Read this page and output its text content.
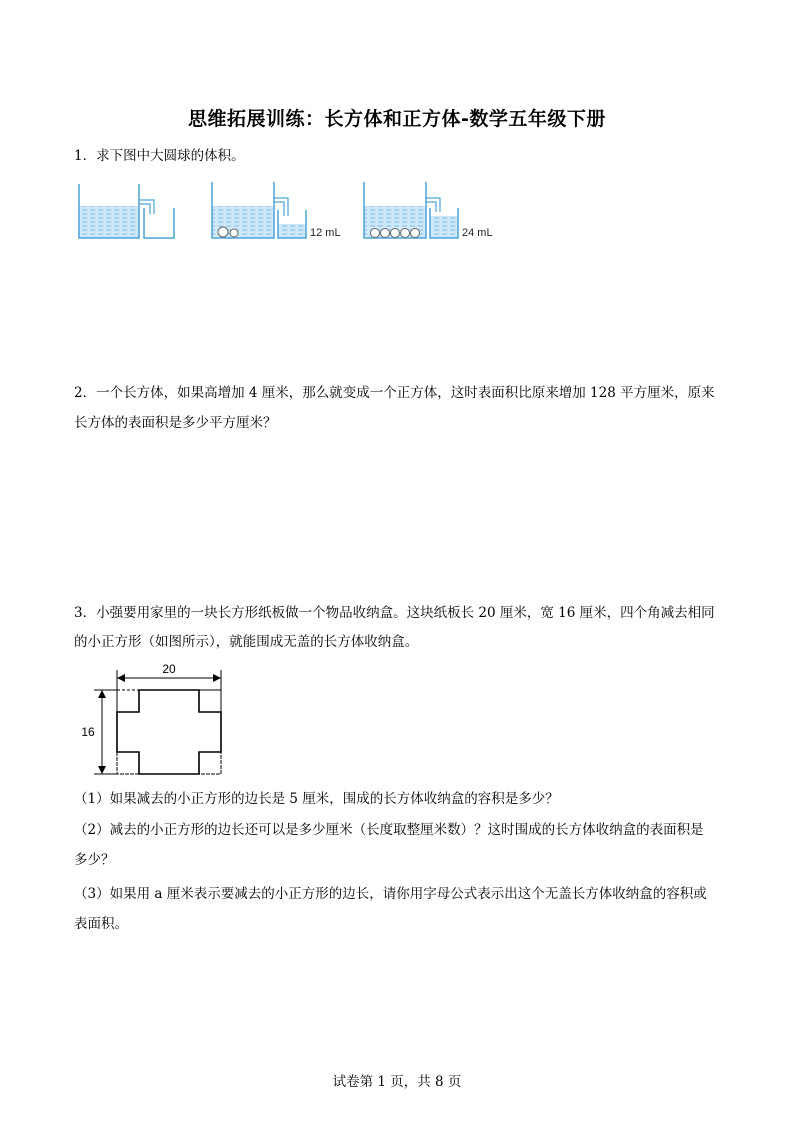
思维拓展训练：长方体和正方体-数学五年级下册
1．求下图中大圆球的体积。
12 mL	24 mL
2．一个长方体，如果高增加 4 厘米，那么就变成一个正方体，这时表面积比原来增加 128 平方厘米，原来
长方体的表面积是多少平方厘米？
3．小强要用家里的一块长方形纸板做一个物品收纳盒。这块纸板长 20 厘米，宽 16 厘米，四个角减去相同
的小正方形（如图所示），就能围成无盖的长方体收纳盒。
20
16
（1）如果减去的小正方形的边长是 5 厘米，围成的长方体收纳盒的容积是多少？
（2）减去的小正方形的边长还可以是多少厘米（长度取整厘米数）？这时围成的长方体收纳盒的表面积是
多少？
（3）如果用 a 厘米表示要减去的小正方形的边长，请你用字母公式表示出这个无盖长方体收纳盒的容积或
表面积。
试卷第 1 页，共 8 页
